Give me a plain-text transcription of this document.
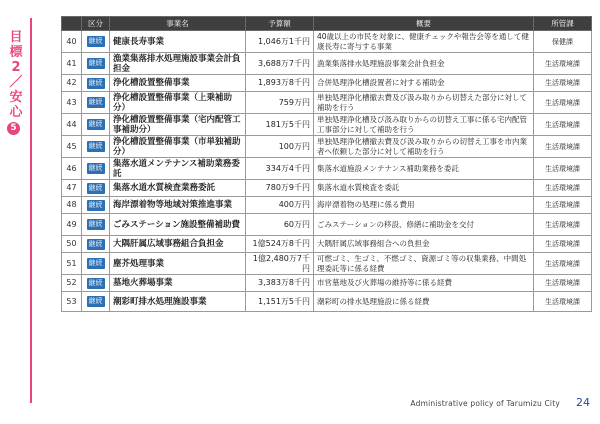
目
標
2
／
安
心
5
	区分	事業名	予算額	概要	所管課
40	継続	健康長寿事業	1,046万1千円	40歳以上の市民を対象に、健康チェックや報告会等を通して健康長寿に寄与する事業	保健課
41	継続	漁業集落排水処理施設事業会計負担金	3,688万7千円	漁業集落排水処理施設事業会計負担金	生活環境課
42	継続	浄化槽設置整備事業	1,893万8千円	合併処理浄化槽設置者に対する補助金	生活環境課
43	継続	浄化槽設置整備事業（上乗補助分）	759万円	単独処理浄化槽撤去費及び汲み取りから切替えた部分に対して補助を行う	生活環境課
44	継続	浄化槽設置整備事業（宅内配管工事補助分）	181万5千円	単独処理浄化槽及び汲み取りからの切替え工事に係る宅内配管工事部分に対して補助を行う	生活環境課
45	継続	浄化槽設置整備事業（市単独補助分）	100万円	単独処理浄化槽撤去費及び汲み取りからの切替え工事を市内業者へ依頼した部分に対して補助を行う	生活環境課
46	継続	集落水道メンテナンス補助業務委託	334万4千円	集落水道施設メンテナンス補助業務を委託	生活環境課
47	継続	集落水道水質検査業務委託	780万9千円	集落水道水質検査を委託	生活環境課
48	継続	海岸漂着物等地域対策推進事業	400万円	海岸漂着物の処理に係る費用	生活環境課
49	継続	ごみステーション施設整備補助費	60万円	ごみステーションの移設、修繕に補助金を交付	生活環境課
50	継続	大隅肝属広域事務組合負担金	1億524万8千円	大隅肝属広域事務組合への負担金	生活環境課
51	継続	塵芥処理事業	1億2,480万7千円	可燃ゴミ、生ゴミ、不燃ゴミ、資源ゴミ等の収集業務、中間処理委託等に係る経費	生活環境課
52	継続	墓地火葬場事業	3,383万8千円	市営墓地及び火葬場の維持等に係る経費	生活環境課
53	継続	潮彩町排水処理施設事業	1,151万5千円	潮彩町の排水処理施設に係る経費	生活環境課
Administrative policy of Tarumizu City 24
